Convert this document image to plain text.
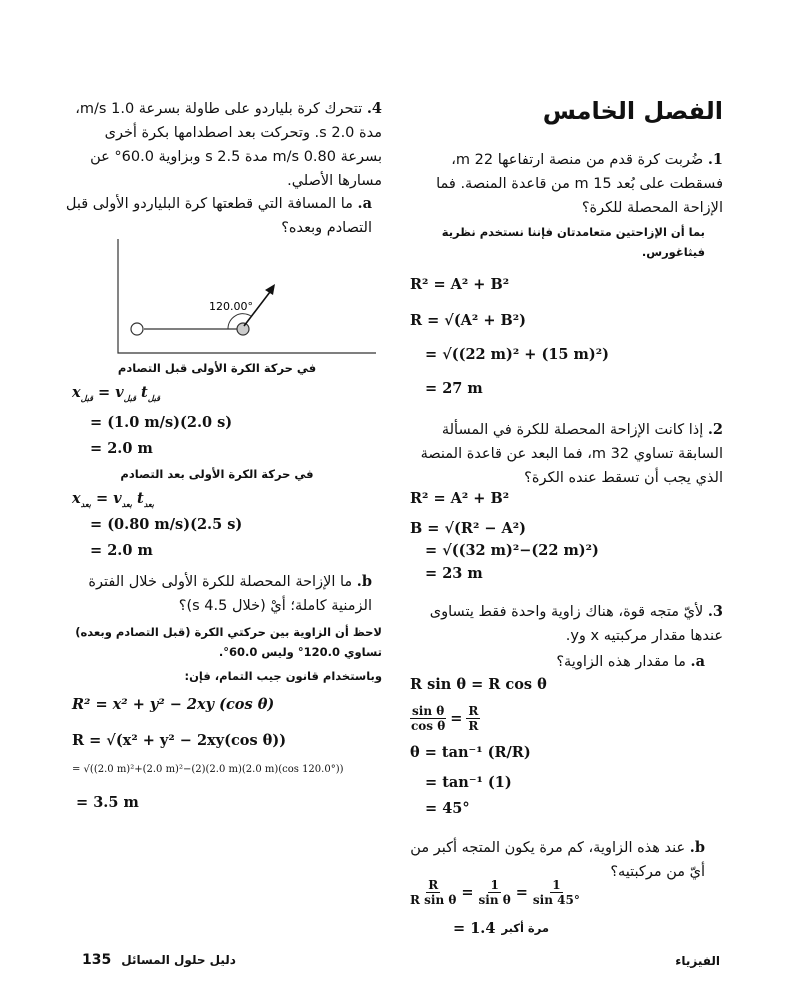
الفصل الخامس
1. ضُربت كرة قدم من منصة ارتفاعها 22 m، فسقطت على بُعد 15 m من قاعدة المنصة. فما الإزاحة المحصلة للكرة؟
بما أن الإزاحتين متعامدتان فإننا نستخدم نظرية فيثاغورس.
R² = A² + B²
R = √(A² + B²)
= √((22 m)² + (15 m)²)
= 27 m
2. إذا كانت الإزاحة المحصلة للكرة في المسألة السابقة تساوي 32 m، فما البعد عن قاعدة المنصة الذي يجب أن تسقط عنده الكرة؟
R² = A² + B²
B = √(R² − A²)
= √((32 m)²−(22 m)²)
= 23 m
3. لأيّ متجه قوة، هناك زاوية واحدة فقط يتساوى عندها مقدار مركبتيه x وy.
a. ما مقدار هذه الزاوية؟
R sin θ = R cos θ
$\frac{\text{sin θ}}{\text{cos θ}} = \frac{R}{R}$
θ = tan⁻¹ (R/R)
= tan⁻¹ (1)
= 45°
b. عند هذه الزاوية، كم مرة يكون المتجه أكبر من أيّ من مركبتيه؟
$\frac{R}{\text{R sin θ}} = \frac{1}{\text{sin θ}} = \frac{1}{\sin 45^\circ}$
= 1.4 مرة أكبر
4. تتحرك كرة بلياردو على طاولة بسرعة 1.0 m/s، مدة 2.0 s. وتحركت بعد اصطدامها بكرة أخرى بسرعة 0.80 m/s مدة 2.5 s وبزاوية 60.0° عن مسارها الأصلي.
a. ما المسافة التي قطعتها كرة البلياردو الأولى قبل التصادم وبعده؟
120.00°
في حركة الكرة الأولى قبل التصادم
$x_{قبل} = v_{قبل}$ $t_{قبل}$
= (1.0 m/s)(2.0 s)
= 2.0 m
في حركة الكرة الأولى بعد التصادم
$x_{بعد} = v_{بعد}$ $t_{بعد}$
= (0.80 m/s)(2.5 s)
= 2.0 m
b. ما الإزاحة المحصلة للكرة الأولى خلال الفترة الزمنية كاملة؛ أيْ (خلال 4.5 s)؟
لاحظ أن الزاوية بين حركتي الكرة (قبل التصادم وبعده) تساوي 120.0° وليس 60.0°.
وباستخدام قانون جيب التمام، فإن:
R² = x² + y² − 2xy (cos θ)
R = √(x² + y² − 2xy(cos θ))
= √((2.0 m)²+(2.0 m)²−(2)(2.0 m)(2.0 m)(cos 120.0°))
= 3.5 m
135 دليل حلول المسائل	الفيزياء
